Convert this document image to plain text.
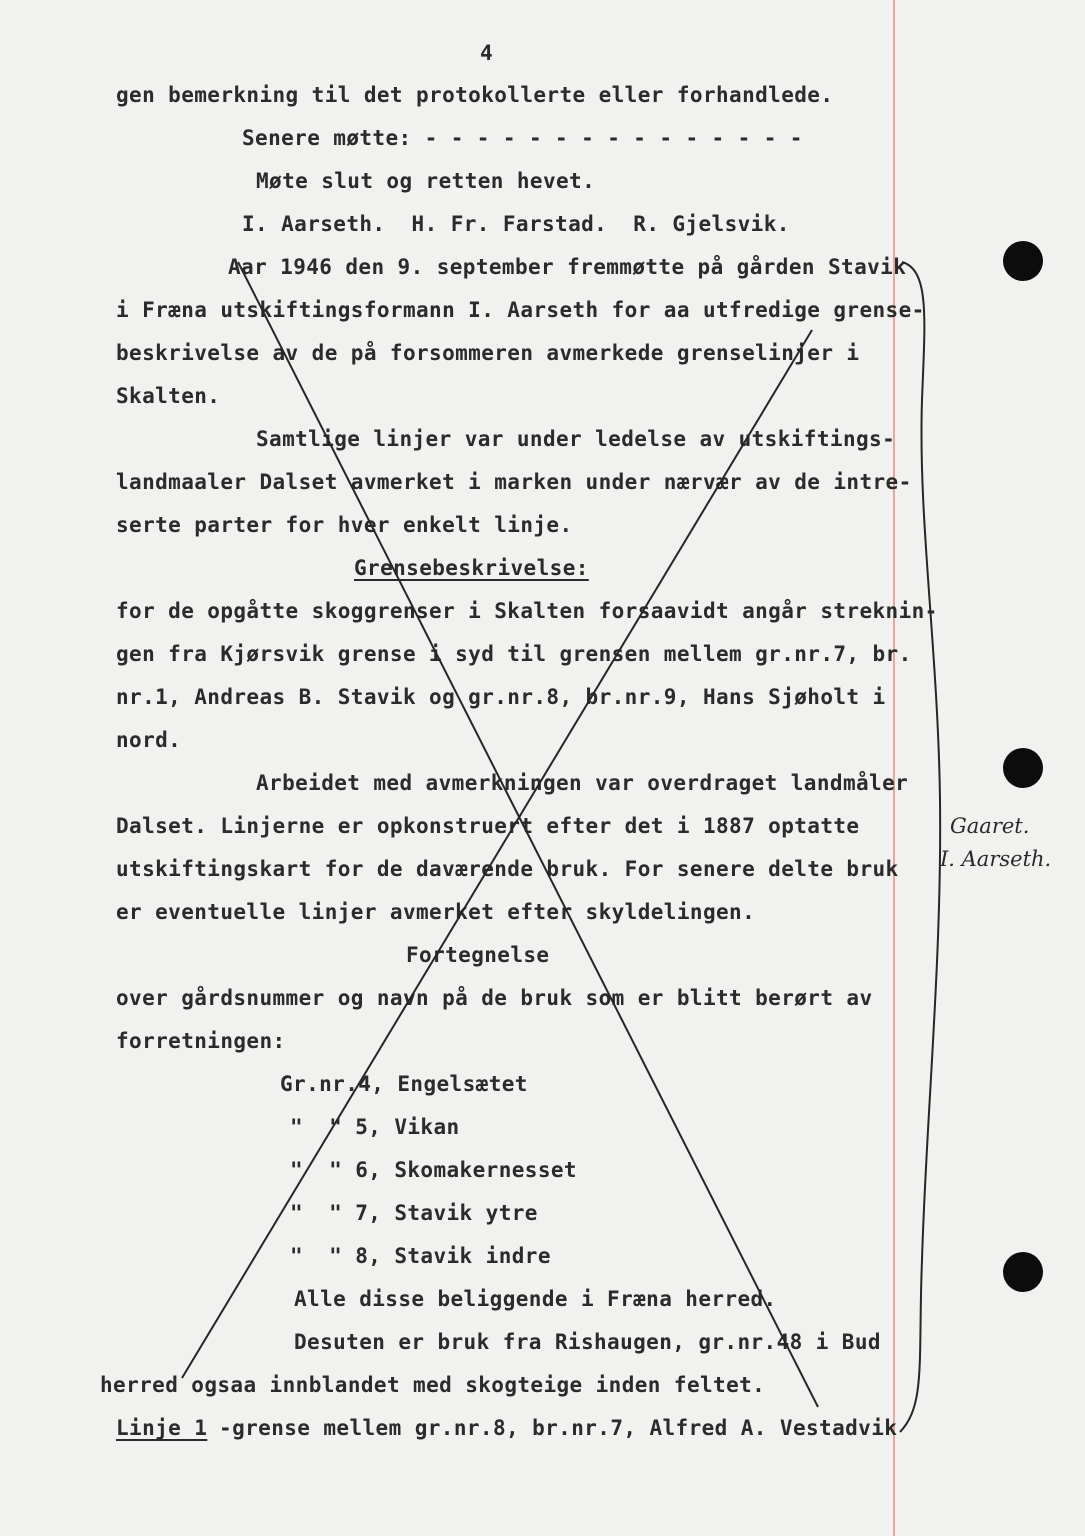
4
gen bemerkning til det protokollerte eller forhandlede.
Senere møtte: - - - - - - - - - - - - - - -
Møte slut og retten hevet.
I. Aarseth.  H. Fr. Farstad.  R. Gjelsvik.
Aar 1946 den 9. september fremmøtte på gården Stavik
i Fræna utskiftingsformann I. Aarseth for aa utfredige grense-
beskrivelse av de på forsommeren avmerkede grenselinjer i
Skalten.
Samtlige linjer var under ledelse av utskiftings-
landmaaler Dalset avmerket i marken under nærvær av de intre-
serte parter for hver enkelt linje.
Grensebeskrivelse:
for de opgåtte skoggrenser i Skalten forsaavidt angår streknin-
gen fra Kjørsvik grense i syd til grensen mellem gr.nr.7, br.
nr.1, Andreas B. Stavik og gr.nr.8, br.nr.9, Hans Sjøholt i
nord.
Arbeidet med avmerkningen var overdraget landmåler
Dalset. Linjerne er opkonstruert efter det i 1887 optatte
utskiftingskart for de daværende bruk. For senere delte bruk
er eventuelle linjer avmerket efter skyldelingen.
Fortegnelse
over gårdsnummer og navn på de bruk som er blitt berørt av
forretningen:
Gr.nr.4, Engelsætet
"  " 5, Vikan
"  " 6, Skomakernesset
"  " 7, Stavik ytre
"  " 8, Stavik indre
Alle disse beliggende i Fræna herred.
Desuten er bruk fra Rishaugen, gr.nr.48 i Bud
herred ogsaa innblandet med skogteige inden feltet.
Linje 1
-grense mellem gr.nr.8, br.nr.7, Alfred A. Vestadvik
Gaaret.
I. Aarseth.
